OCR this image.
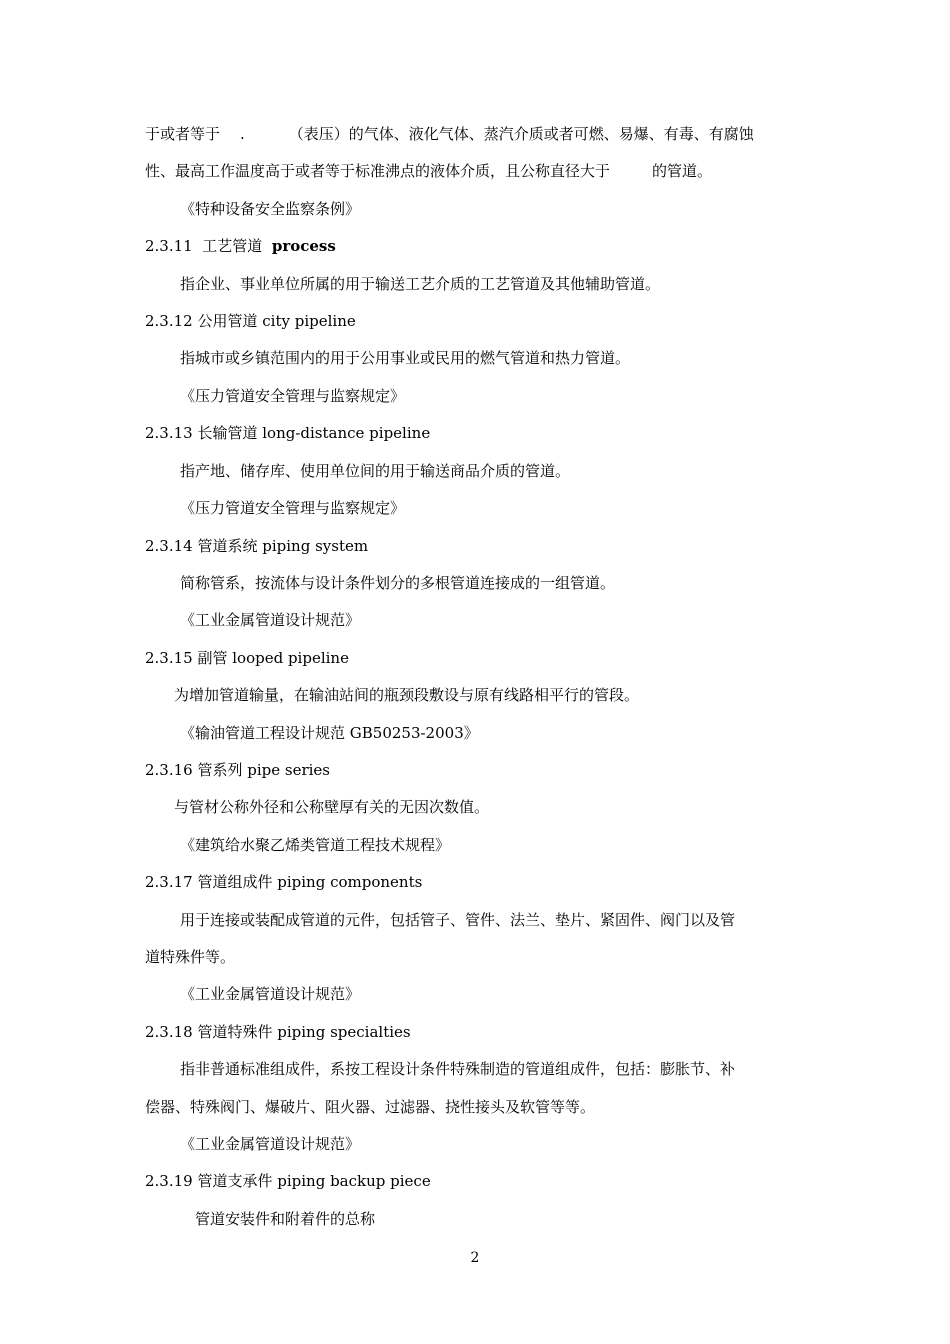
于或者等于 .	（表压）的气体、液化气体、蒸汽介质或者可燃、易爆、有毒、有腐蚀
性、最高工作温度高于或者等于标准沸点的液体介质，且公称直径大于	的管道。
《特种设备安全监察条例》
2.3.11 工艺管道 process
指企业、事业单位所属的用于输送工艺介质的工艺管道及其他辅助管道。
2.3.12 公用管道 city pipeline
指城市或乡镇范围内的用于公用事业或民用的燃气管道和热力管道。
《压力管道安全管理与监察规定》
2.3.13 长输管道 long-distance pipeline
指产地、储存库、使用单位间的用于输送商品介质的管道。
《压力管道安全管理与监察规定》
2.3.14 管道系统 piping system
简称管系，按流体与设计条件划分的多根管道连接成的一组管道。
《工业金属管道设计规范》
2.3.15 副管 looped pipeline
为增加管道输量，在输油站间的瓶颈段敷设与原有线路相平行的管段。
《输油管道工程设计规范 GB50253-2003》
2.3.16 管系列 pipe series
与管材公称外径和公称壁厚有关的无因次数值。
《建筑给水聚乙烯类管道工程技术规程》
2.3.17 管道组成件 piping components
用于连接或装配成管道的元件，包括管子、管件、法兰、垫片、紧固件、阀门以及管
道特殊件等。
《工业金属管道设计规范》
2.3.18 管道特殊件 piping specialties
指非普通标准组成件，系按工程设计条件特殊制造的管道组成件，包括：膨胀节、补
偿器、特殊阀门、爆破片、阻火器、过滤器、挠性接头及软管等等。
《工业金属管道设计规范》
2.3.19 管道支承件 piping backup piece
管道安装件和附着件的总称
2
